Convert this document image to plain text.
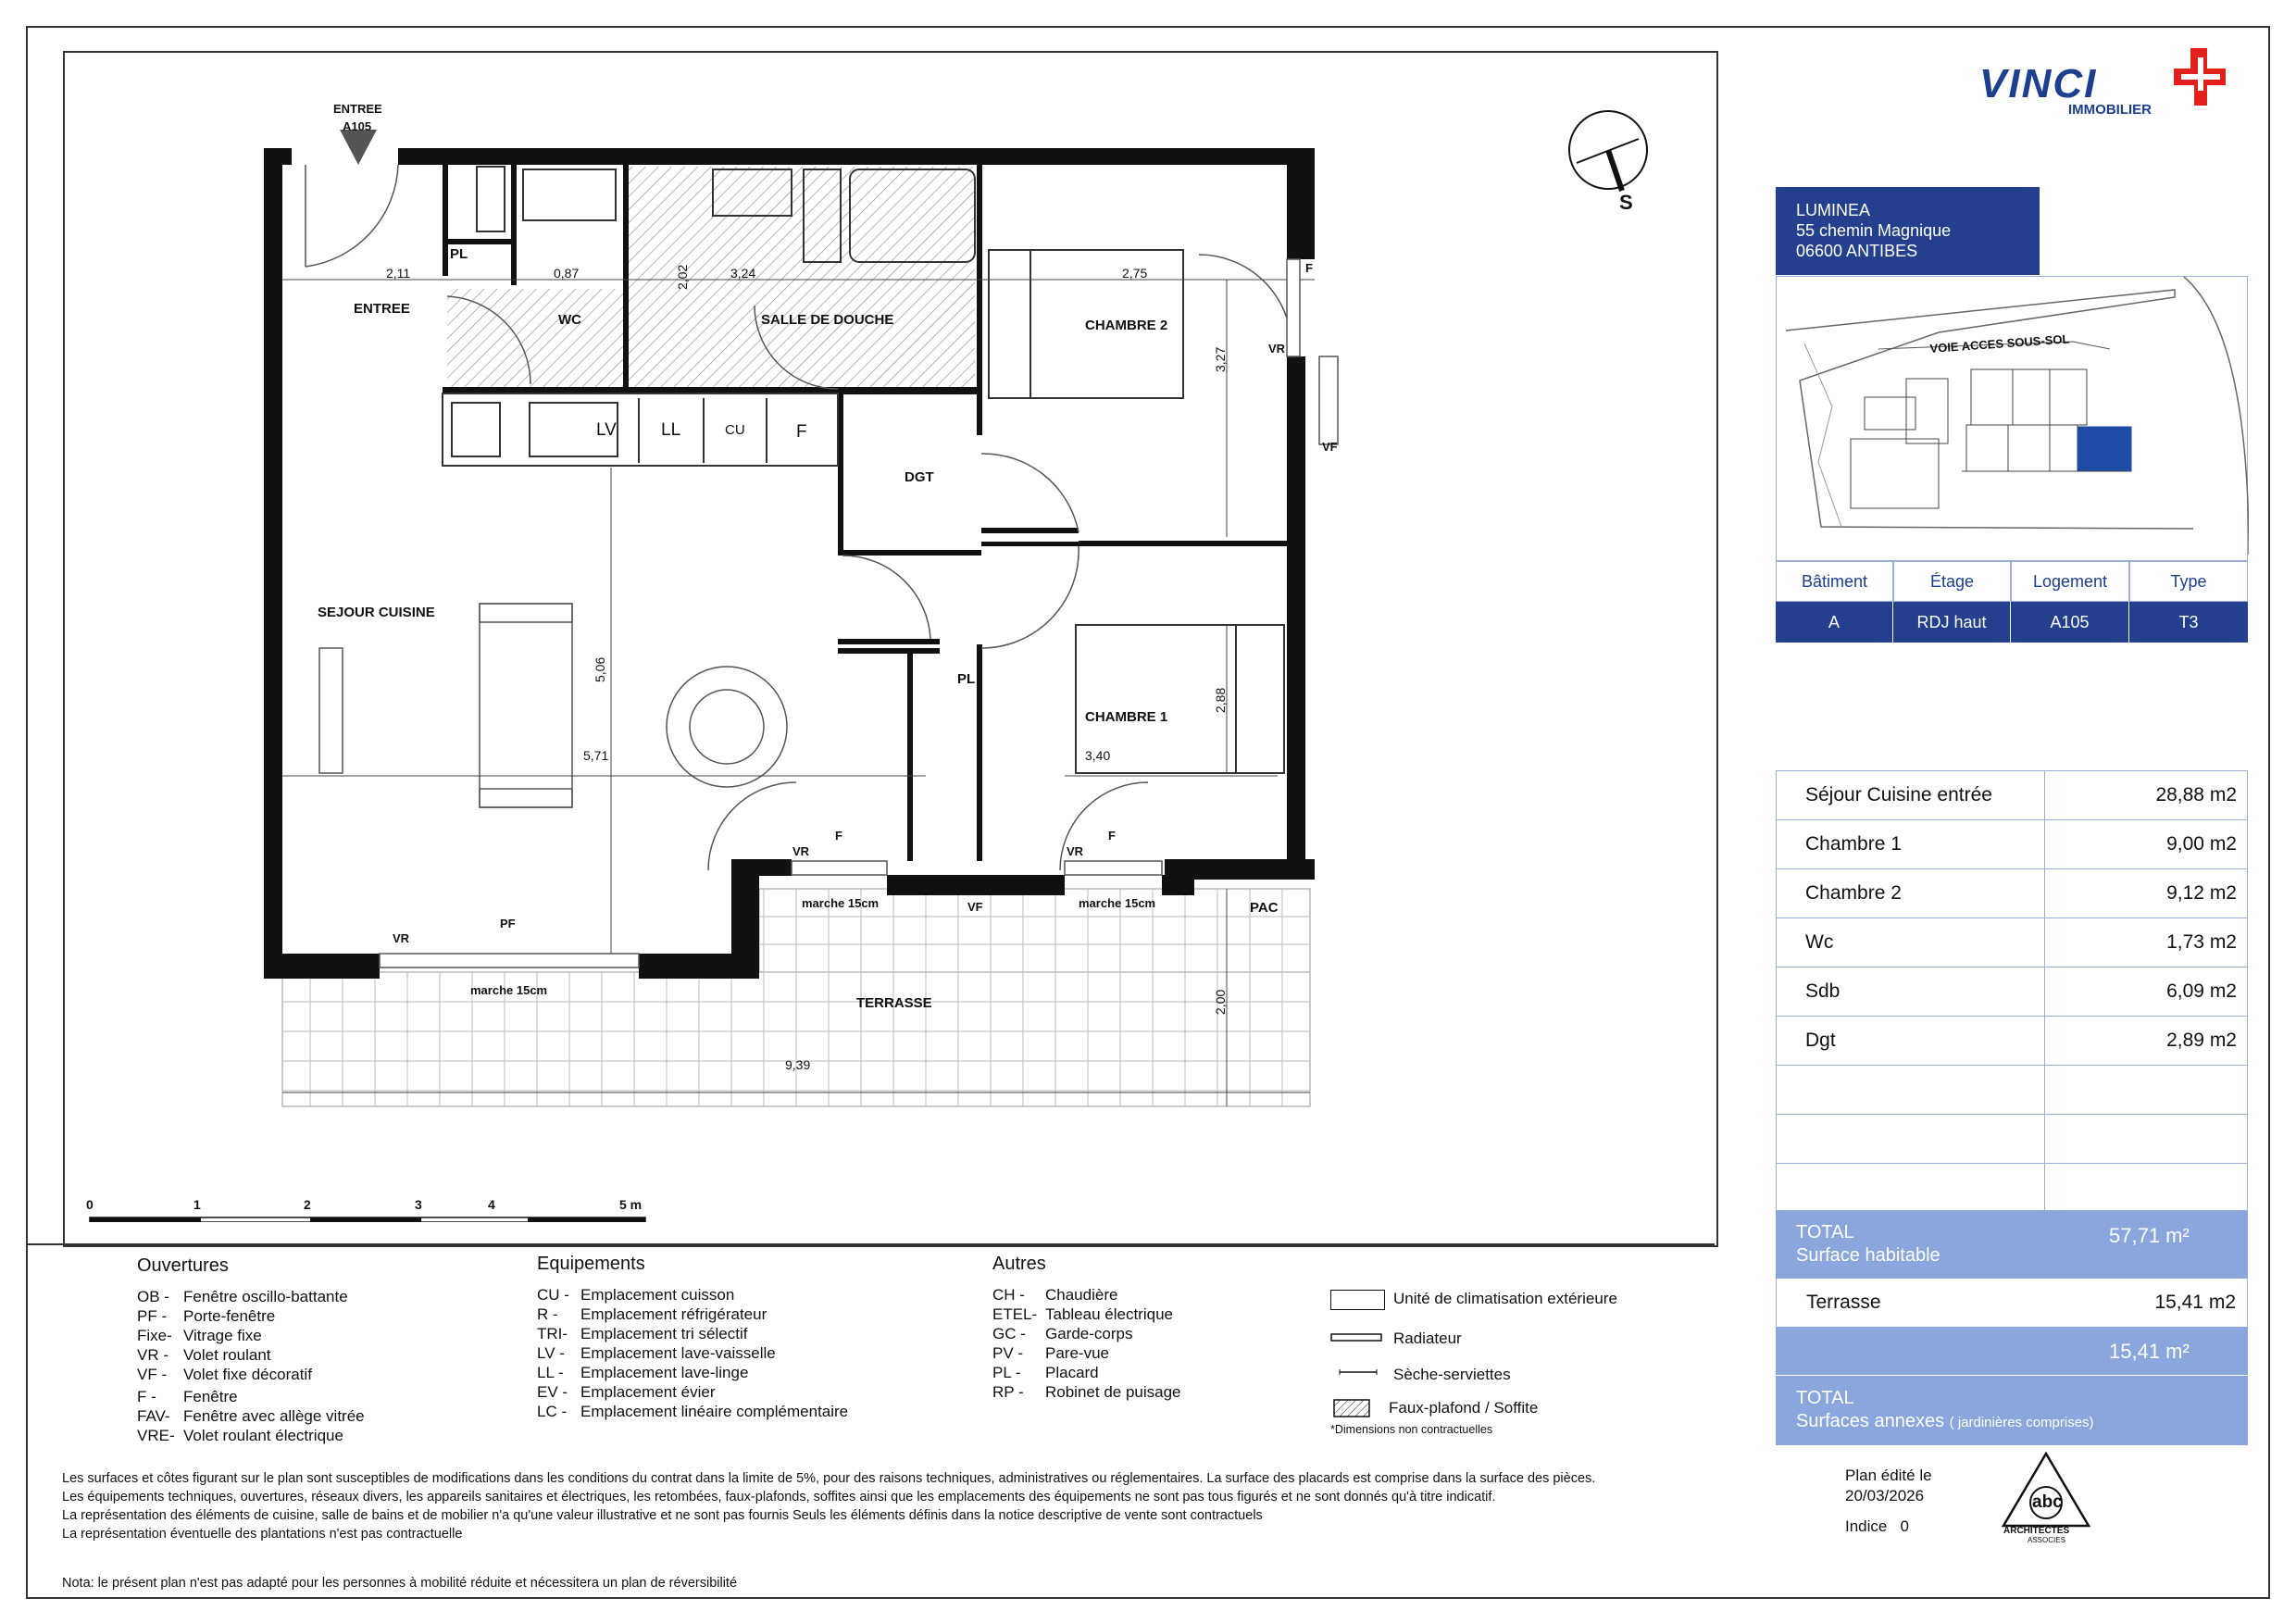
ENTREE
A105
ENTREE
WC	SALLE DE DOUCHE	CHAMBRE 2
DGT
SEJOUR CUISINE
CHAMBRE 1
TERRASSE
PL
LV	LL	CU	F
PL
PAC
F
VR
VF
VR
F
VR
F
marche 15cm	VF	marche 15cm
VR
PF
marche 15cm
2,11	0,87	2,02	3,24	2,75
3,27
5,06
5,71	3,40
2,88
2,00
9,39
0	1	2	3	4	5 m
S
VINCI
IMMOBILIER
LUMINEA
55 chemin Magnique
06600 ANTIBES
VOIE ACCES SOUS-SOL
Bâtiment	Étage	Logement	Type
A	RDJ haut	A105	T3
Séjour Cuisine entrée	28,88 m2
Chambre 1	9,00 m2
Chambre 2	9,12 m2
Wc	1,73 m2
Sdb	6,09 m2
Dgt	2,89 m2
TOTAL
Surface habitable
57,71 m²
Terrasse	15,41 m2
15,41 m²
TOTAL
Surfaces annexes ( jardinières comprises)
Ouvertures
OB - Fenêtre oscillo-battante
PF -	Porte-fenêtre
Fixe- Vitrage fixe
VR - Volet roulant
VF -	Volet fixe décoratif
F -	Fenêtre
FAV- Fenêtre avec allège vitrée
VRE- Volet roulant électrique
Equipements
CU - Emplacement cuisson
R -	Emplacement réfrigérateur
TRI- Emplacement tri sélectif
LV -	Emplacement lave-vaisselle
LL -	Emplacement lave-linge
EV - Emplacement évier
LC - Emplacement linéaire complémentaire
Autres
CH -	Chaudière
ETEL- Tableau électrique
GC -	Garde-corps
PV -	Pare-vue
PL -	Placard
RP -	Robinet de puisage
Unité de climatisation extérieure
Radiateur
Sèche-serviettes
Faux-plafond / Soffite
*Dimensions non contractuelles
Les surfaces et côtes figurant sur le plan sont susceptibles de modifications dans les conditions du contrat dans la limite de 5%, pour des raisons techniques, administratives ou réglementaires. La surface des placards est comprise dans la surface des pièces.
Les équipements techniques, ouvertures, réseaux divers, les appareils sanitaires et électriques, les retombées, faux-plafonds, soffites ainsi que les emplacements des équipements ne sont pas tous figurés et ne sont donnés qu'à titre indicatif.
La représentation des éléments de cuisine, salle de bains et de mobilier n'a qu'une valeur illustrative et ne sont pas fournis Seuls les éléments définis dans la notice descriptive de vente sont contractuels
La représentation éventuelle des plantations n'est pas contractuelle
Nota: le présent plan n'est pas adapté pour les personnes à mobilité réduite et nécessitera un plan de réversibilité
Plan édité le
20/03/2026
Indice 0
abc
ARCHITECTES
ASSOCIES
